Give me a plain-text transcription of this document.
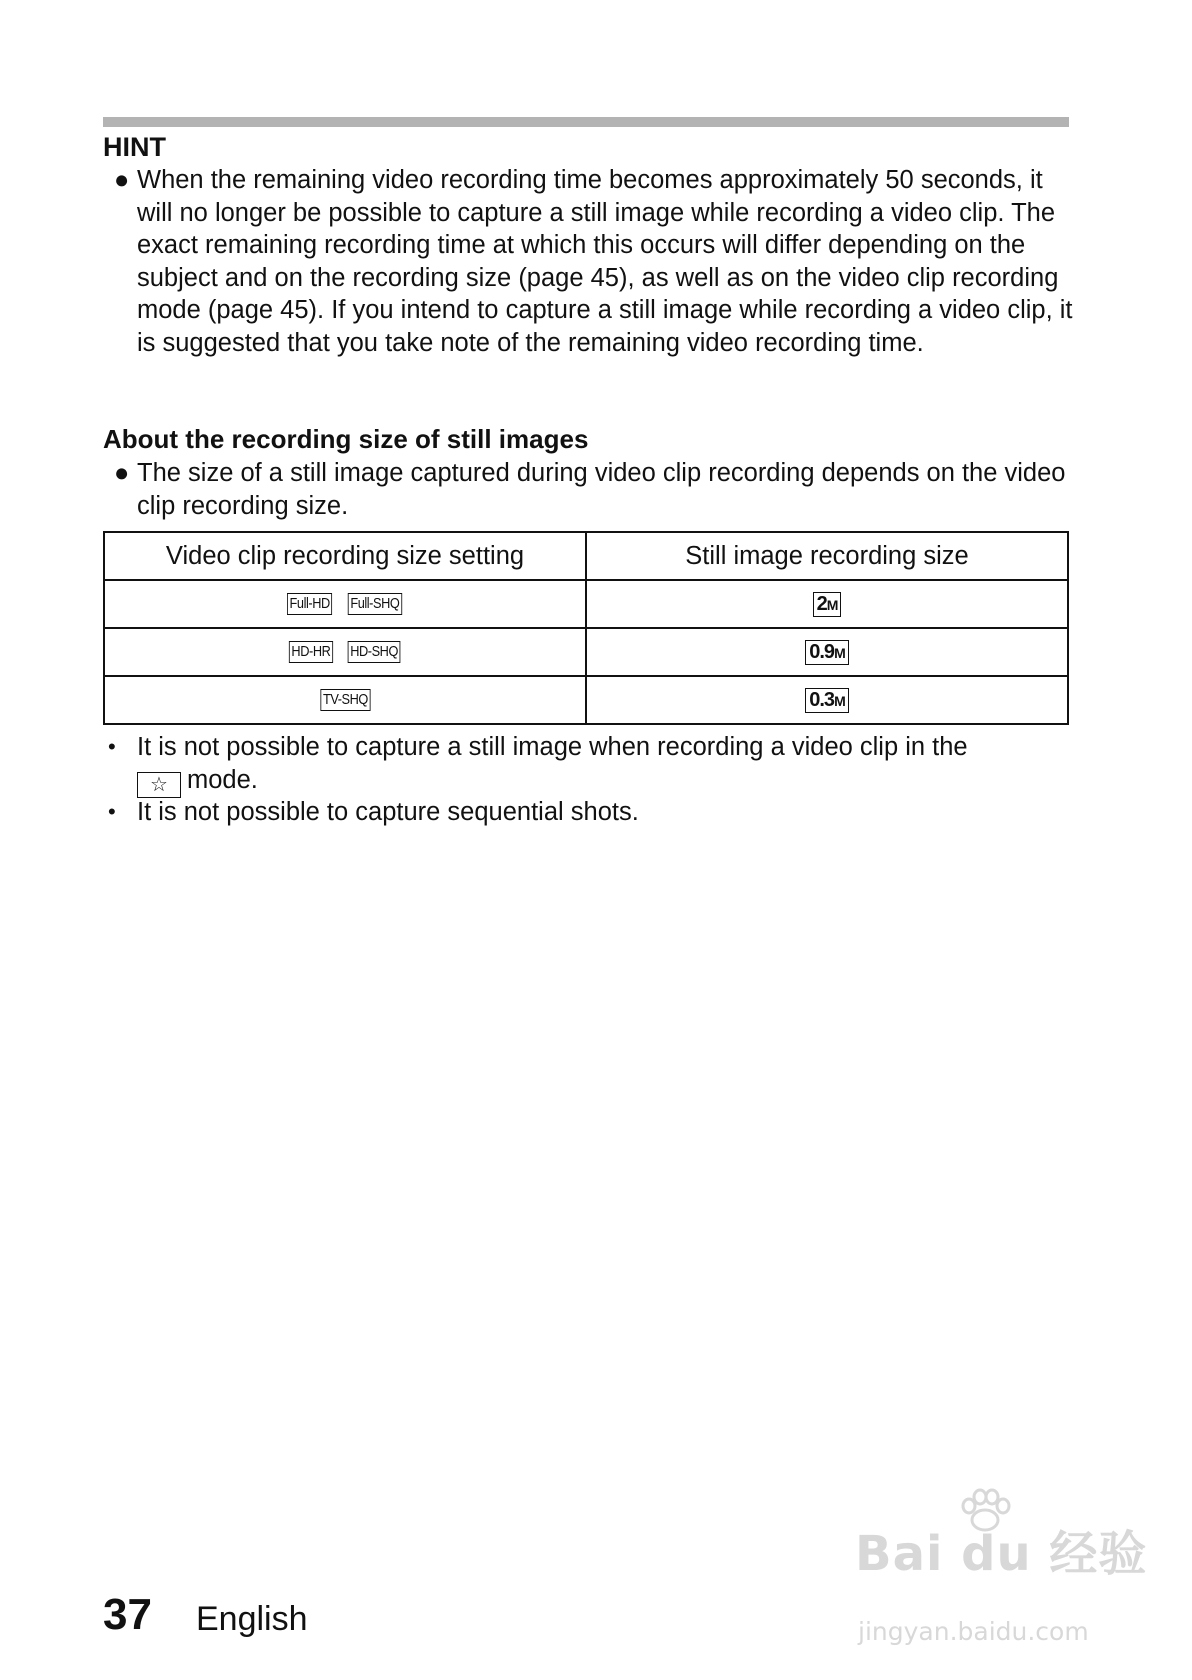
HINT
● When the remaining video recording time becomes approximately 50 seconds, it will no longer be possible to capture a still image while recording a video clip. The exact remaining recording time at which this occurs will differ depending on the subject and on the recording size (page 45), as well as on the video clip recording mode (page 45). If you intend to capture a still image while recording a video clip, it is suggested that you take note of the remaining video recording time.
About the recording size of still images
● The size of a still image captured during video clip recording depends on the video clip recording size.
Video clip recording size setting	Still image recording size
Full-HD Full-SHQ	2M
HD-HR HD-SHQ	0.9M
TV-SHQ	0.3M
• It is not possible to capture a still image when recording a video clip in the
☆ mode.
• It is not possible to capture sequential shots.
37 English
Bai du 经验
jingyan.baidu.com
